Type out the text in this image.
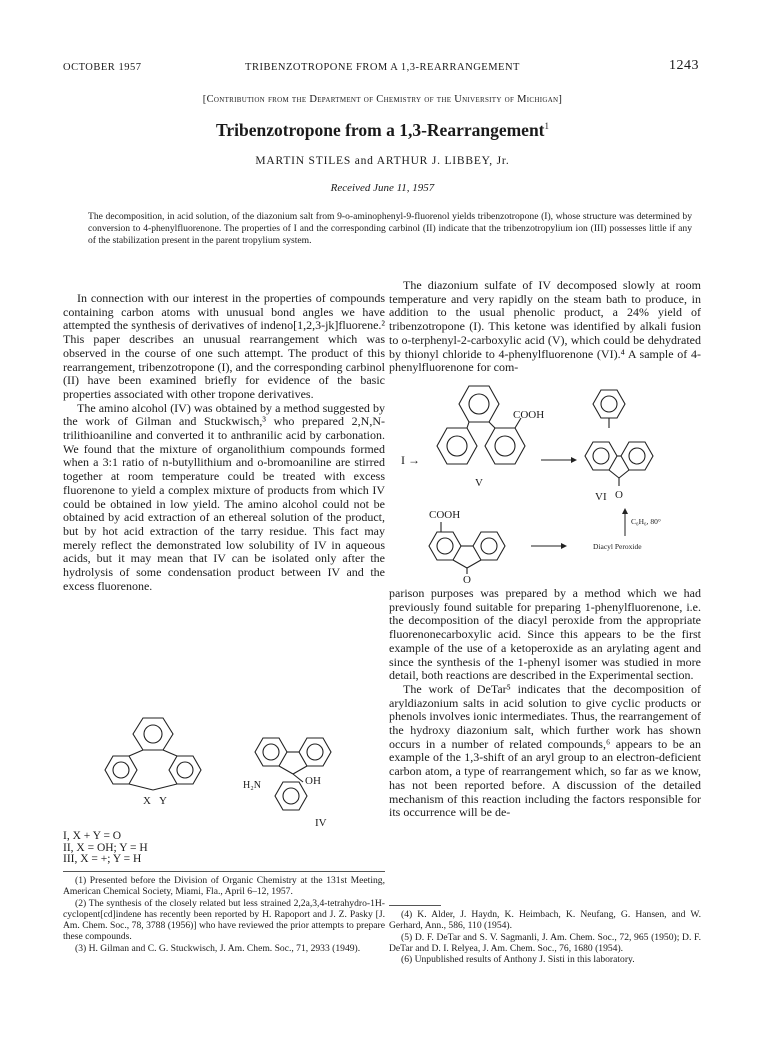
OCTOBER 1957	TRIBENZOTROPONE FROM A 1,3-REARRANGEMENT	1243
[Contribution from the Department of Chemistry of the University of Michigan]
Tribenzotropone from a 1,3-Rearrangement$^1$
MARTIN STILES and ARTHUR J. LIBBEY, Jr.
Received June 11, 1957
The decomposition, in acid solution, of the diazonium salt from 9-o-aminophenyl-9-fluorenol yields tribenzotropone (I), whose structure was determined by conversion to 4-phenylfluorenone. The properties of I and the corresponding carbinol (II) indicate that the tribenzotropylium ion (III) possesses little if any of the stabilization present in the parent tropylium system.

In connection with our interest in the properties of compounds containing carbon atoms with unusual bond angles we have attempted the synthesis of derivatives of indeno[1,2,3-jk]fluorene.² This paper describes an unusual rearrangement which was observed in the course of one such attempt. The product of this rearrangement, tribenzotropone (I), and the corresponding carbinol (II) have been examined briefly for evidence of the basic properties associated with other tropone derivatives.

The amino alcohol (IV) was obtained by a method suggested by the work of Gilman and Stuckwisch,³ who prepared 2,N,N-trilithioaniline and converted it to anthranilic acid by carbonation. We found that the mixture of organolithium compounds formed when a 3:1 ratio of n-butyllithium and o-bromoaniline are stirred together at room temperature could be treated with excess fluorenone to yield a complex mixture of products from which IV could be obtained in low yield. The amino alcohol could not be obtained by acid extraction of an ethereal solution of the product, but by hot acid extraction of the tarry residue. This fact may merely reflect the demonstrated low solubility of IV in aqueous acids, but it may mean that IV can be isolated only after the hydrolysis of some condensation product between IV and the excess fluorenone.

The diazonium sulfate of IV decomposed slowly at room temperature and very rapidly on the steam bath to produce, in addition to the usual phenolic product, a 24% yield of tribenzotropone (I). This ketone was identified by alkali fusion to o-terphenyl-2-carboxylic acid (V), which could be dehydrated by thionyl chloride to 4-phenylfluorenone (VI).⁴ A sample of 4-phenylfluorenone for com-

I →
COOH
V
VI O
C₆H₆, 80°
COOH
O
Diacyl Peroxide

parison purposes was prepared by a method which we had previously found suitable for preparing 1-phenylfluorenone, i.e. the decomposition of the diacyl peroxide from the appropriate fluorenonecarboxylic acid. Since this appears to be the first example of the use of a ketoperoxide as an arylating agent and since the synthesis of the 1-phenyl isomer was studied in more detail, both reactions are described in the Experimental section.

The work of DeTar⁵ indicates that the decomposition of aryldiazonium salts in acid solution to give cyclic products or phenols involves ionic intermediates. Thus, the rearrangement of the hydroxy diazonium salt, which further work has shown occurs in a number of related compounds,⁶ appears to be an example of the 1,3-shift of an aryl group to an electron-deficient carbon atom, a type of rearrangement which, so far as we know, has not been reported before. A discussion of the detailed mechanism of this reaction including the factors responsible for its occurrence will be de-

X Y
H₂N	OH
IV
I, X + Y = O
II, X = OH; Y = H
III, X = +; Y = H

(1) Presented before the Division of Organic Chemistry at the 131st Meeting, American Chemical Society, Miami, Fla., April 6–12, 1957.

(2) The synthesis of the closely related but less strained 2,2a,3,4-tetrahydro-1H-cyclopent[cd]indene has recently been reported by H. Rapoport and J. Z. Pasky [J. Am. Chem. Soc., 78, 3788 (1956)] who have reviewed the prior attempts to prepare these compounds.

(3) H. Gilman and C. G. Stuckwisch, J. Am. Chem. Soc., 71, 2933 (1949).

(4) K. Alder, J. Haydn, K. Heimbach, K. Neufang, G. Hansen, and W. Gerhard, Ann., 586, 110 (1954).

(5) D. F. DeTar and S. V. Sagmanli, J. Am. Chem. Soc., 72, 965 (1950); D. F. DeTar and D. I. Relyea, J. Am. Chem. Soc., 76, 1680 (1954).

(6) Unpublished results of Anthony J. Sisti in this laboratory.
